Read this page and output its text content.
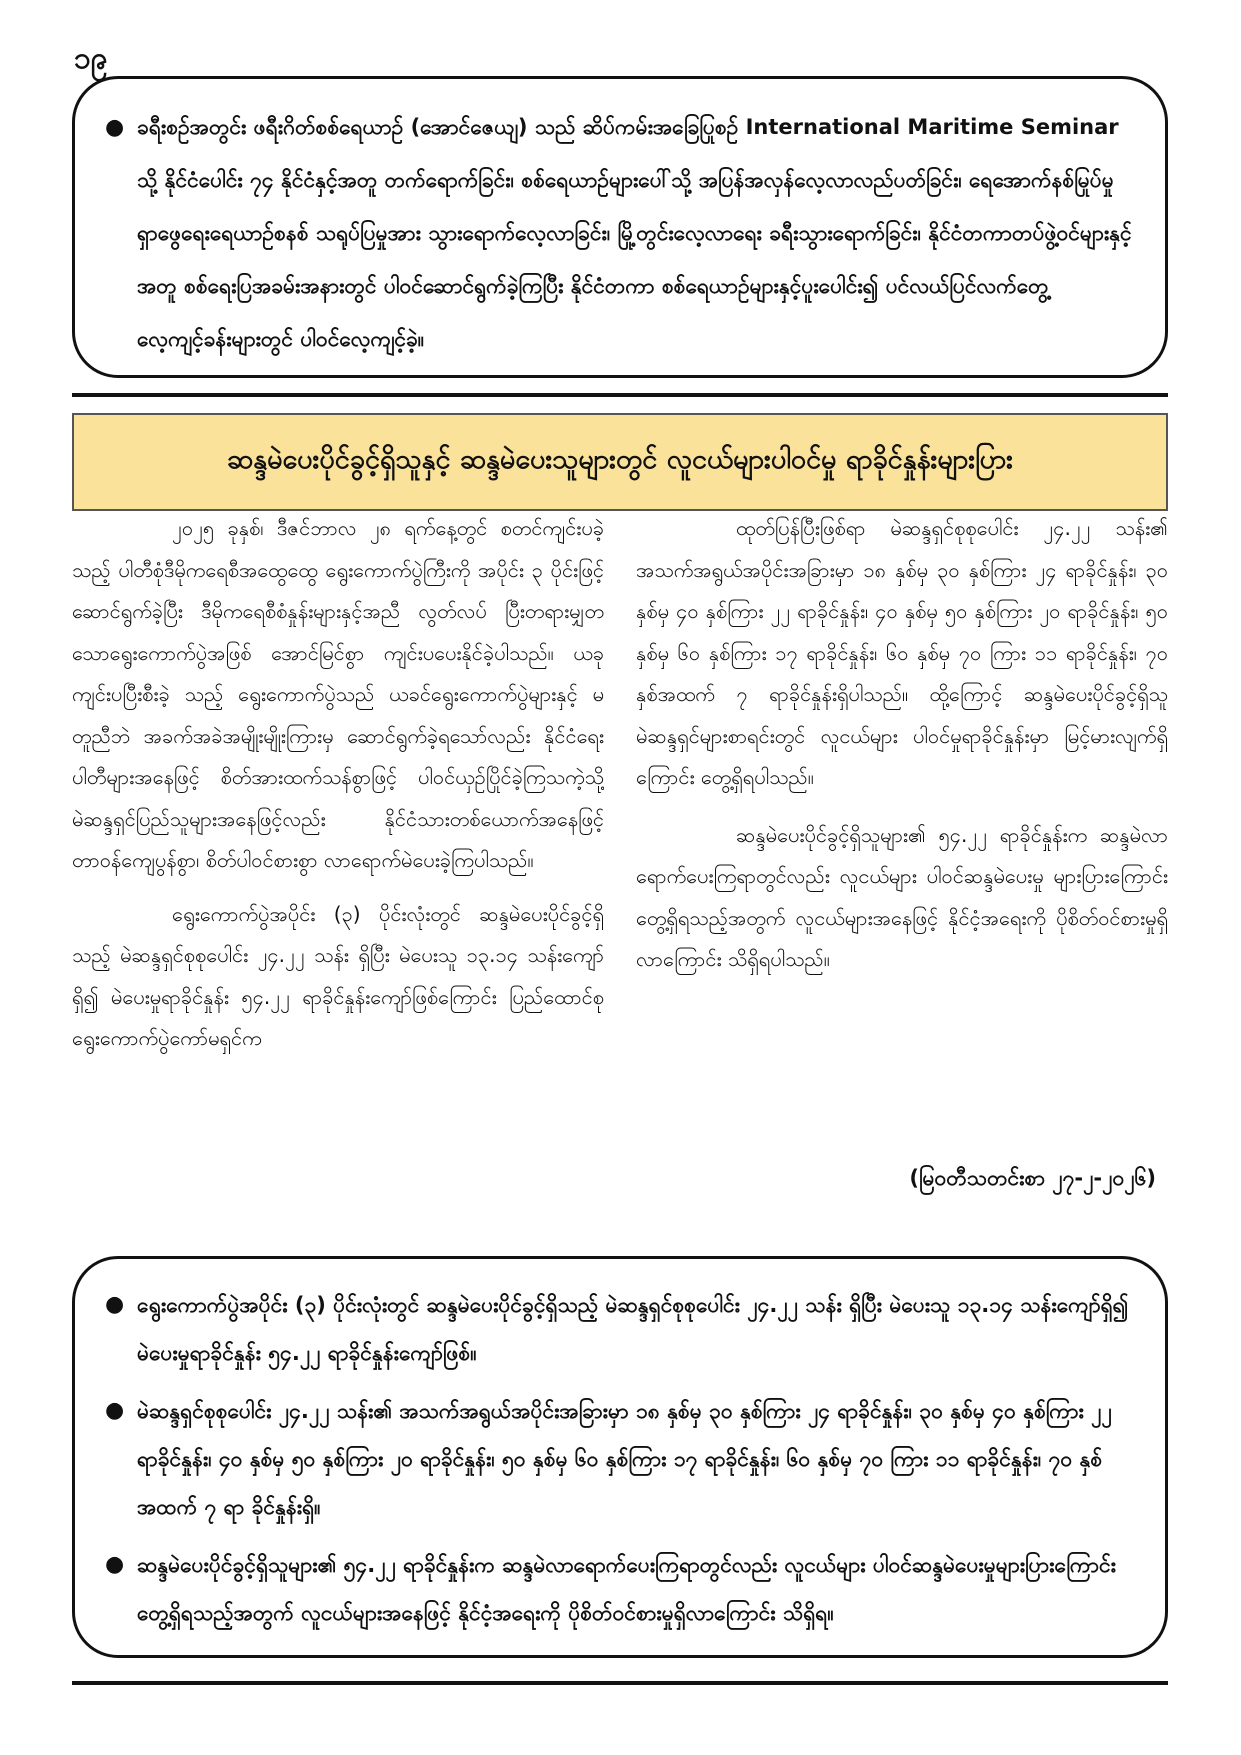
၁၉
● ခရီးစဉ်အတွင်း ဖရီးဂိတ်စစ်ရေယာဉ် (အောင်ဇေယျ) သည် ဆိပ်ကမ်းအခြေပြုစဉ် International Maritime Seminar သို့ နိုင်ငံပေါင်း ၇၄ နိုင်ငံနှင့်အတူ တက်ရောက်ခြင်း၊ စစ်ရေယာဉ်များပေါ်သို့ အပြန်အလှန်လေ့လာလည်ပတ်ခြင်း၊ ရေအောက်နစ်မြုပ်မှုရှာဖွေရေးရေယာဉ်စနစ် သရုပ်ပြမှုအား သွားရောက်လေ့လာခြင်း၊ မြို့တွင်းလေ့လာရေး ခရီးသွားရောက်ခြင်း၊ နိုင်ငံတကာတပ်ဖွဲ့ဝင်များနှင့်အတူ စစ်ရေးပြအခမ်းအနားတွင် ပါဝင်ဆောင်ရွက်ခဲ့ကြပြီး နိုင်ငံတကာ စစ်ရေယာဉ်များနှင့်ပူးပေါင်း၍ ပင်လယ်ပြင်လက်တွေ့လေ့ကျင့်ခန်းများတွင် ပါဝင်လေ့ကျင့်ခဲ့။
ဆန္ဒမဲပေးပိုင်ခွင့်ရှိသူနှင့် ဆန္ဒမဲပေးသူများတွင် လူငယ်များပါဝင်မှု ရာခိုင်နှုန်းများပြား

၂၀၂၅ ခုနှစ်၊ ဒီဇင်ဘာလ ၂၈ ရက်နေ့တွင် စတင်ကျင်းပခဲ့သည့် ပါတီစုံဒီမိုကရေစီအထွေထွေ ရွေးကောက်ပွဲကြီးကို အပိုင်း ၃ ပိုင်းဖြင့် ဆောင်ရွက်ခဲ့ပြီး ဒီမိုကရေစီစံနှုန်းများနှင့်အညီ လွတ်လပ် ပြီးတရားမျှတသောရွေးကောက်ပွဲအဖြစ် အောင်မြင်စွာ ကျင်းပပေးနိုင်ခဲ့ပါသည်။ ယခုကျင်းပပြီးစီးခဲ့ သည့် ရွေးကောက်ပွဲသည် ယခင်ရွေးကောက်ပွဲများနှင့် မတူညီဘဲ အခက်အခဲအမျိုးမျိုးကြားမှ ဆောင်ရွက်ခဲ့ရသော်လည်း နိုင်ငံရေးပါတီများအနေဖြင့် စိတ်အားထက်သန်စွာဖြင့် ပါဝင်ယှဉ်ပြိုင်ခဲ့ကြသကဲ့သို့ မဲဆန္ဒရှင်ပြည်သူများအနေဖြင့်လည်း နိုင်ငံသားတစ်ယောက်အနေဖြင့် တာဝန်ကျေပွန်စွာ၊ စိတ်ပါဝင်စားစွာ လာရောက်မဲပေးခဲ့ကြပါသည်။

ရွေးကောက်ပွဲအပိုင်း (၃) ပိုင်းလုံးတွင် ဆန္ဒမဲပေးပိုင်ခွင့်ရှိသည့် မဲဆန္ဒရှင်စုစုပေါင်း ၂၄.၂၂ သန်း ရှိပြီး မဲပေးသူ ၁၃.၁၄ သန်းကျော်ရှိ၍ မဲပေးမှုရာခိုင်နှုန်း ၅၄.၂၂ ရာခိုင်နှုန်းကျော်ဖြစ်ကြောင်း ပြည်ထောင်စုရွေးကောက်ပွဲကော်မရှင်က

ထုတ်ပြန်ပြီးဖြစ်ရာ မဲဆန္ဒရှင်စုစုပေါင်း ၂၄.၂၂ သန်း၏ အသက်အရွယ်အပိုင်းအခြားမှာ ၁၈ နှစ်မှ ၃၀ နှစ်ကြား ၂၄ ရာခိုင်နှုန်း၊ ၃၀ နှစ်မှ ၄၀ နှစ်ကြား ၂၂ ရာခိုင်နှုန်း၊ ၄၀ နှစ်မှ ၅၀ နှစ်ကြား ၂၀ ရာခိုင်နှုန်း၊ ၅၀ နှစ်မှ ၆၀ နှစ်ကြား ၁၇ ရာခိုင်နှုန်း၊ ၆၀ နှစ်မှ ၇၀ ကြား ၁၁ ရာခိုင်နှုန်း၊ ၇၀ နှစ်အထက် ၇ ရာခိုင်နှုန်းရှိပါသည်။ ထို့ကြောင့် ဆန္ဒမဲပေးပိုင်ခွင့်ရှိသူ မဲဆန္ဒရှင်များစာရင်းတွင် လူငယ်များ ပါဝင်မှုရာခိုင်နှုန်းမှာ မြင့်မားလျက်ရှိကြောင်း တွေ့ရှိရပါသည်။

ဆန္ဒမဲပေးပိုင်ခွင့်ရှိသူများ၏ ၅၄.၂၂ ရာခိုင်နှုန်းက ဆန္ဒမဲလာရောက်ပေးကြရာတွင်လည်း လူငယ်များ ပါဝင်ဆန္ဒမဲပေးမှု များပြားကြောင်း တွေ့ရှိရသည့်အတွက် လူငယ်များအနေဖြင့် နိုင်ငံ့အရေးကို ပိုစိတ်ဝင်စားမှုရှိလာကြောင်း သိရှိရပါသည်။

(မြဝတီသတင်းစာ ၂၇-၂-၂၀၂၆)
● ရွေးကောက်ပွဲအပိုင်း (၃) ပိုင်းလုံးတွင် ဆန္ဒမဲပေးပိုင်ခွင့်ရှိသည့် မဲဆန္ဒရှင်စုစုပေါင်း ၂၄.၂၂ သန်း ရှိပြီး မဲပေးသူ ၁၃.၁၄ သန်းကျော်ရှိ၍ မဲပေးမှုရာခိုင်နှုန်း ၅၄.၂၂ ရာခိုင်နှုန်းကျော်ဖြစ်။
● မဲဆန္ဒရှင်စုစုပေါင်း ၂၄.၂၂ သန်း၏ အသက်အရွယ်အပိုင်းအခြားမှာ ၁၈ နှစ်မှ ၃၀ နှစ်ကြား ၂၄ ရာခိုင်နှုန်း၊ ၃၀ နှစ်မှ ၄၀ နှစ်ကြား ၂၂ ရာခိုင်နှုန်း၊ ၄၀ နှစ်မှ ၅၀ နှစ်ကြား ၂၀ ရာခိုင်နှုန်း၊ ၅၀ နှစ်မှ ၆၀ နှစ်ကြား ၁၇ ရာခိုင်နှုန်း၊ ၆၀ နှစ်မှ ၇၀ ကြား ၁၁ ရာခိုင်နှုန်း၊ ၇၀ နှစ်အထက် ၇ ရာ ခိုင်နှုန်းရှိ။
● ဆန္ဒမဲပေးပိုင်ခွင့်ရှိသူများ၏ ၅၄.၂၂ ရာခိုင်နှုန်းက ဆန္ဒမဲလာရောက်ပေးကြရာတွင်လည်း လူငယ်များ ပါဝင်ဆန္ဒမဲပေးမှုများပြားကြောင်းတွေ့ရှိရသည့်အတွက် လူငယ်များအနေဖြင့် နိုင်ငံ့အရေးကို ပိုစိတ်ဝင်စားမှုရှိလာကြောင်း သိရှိရ။
